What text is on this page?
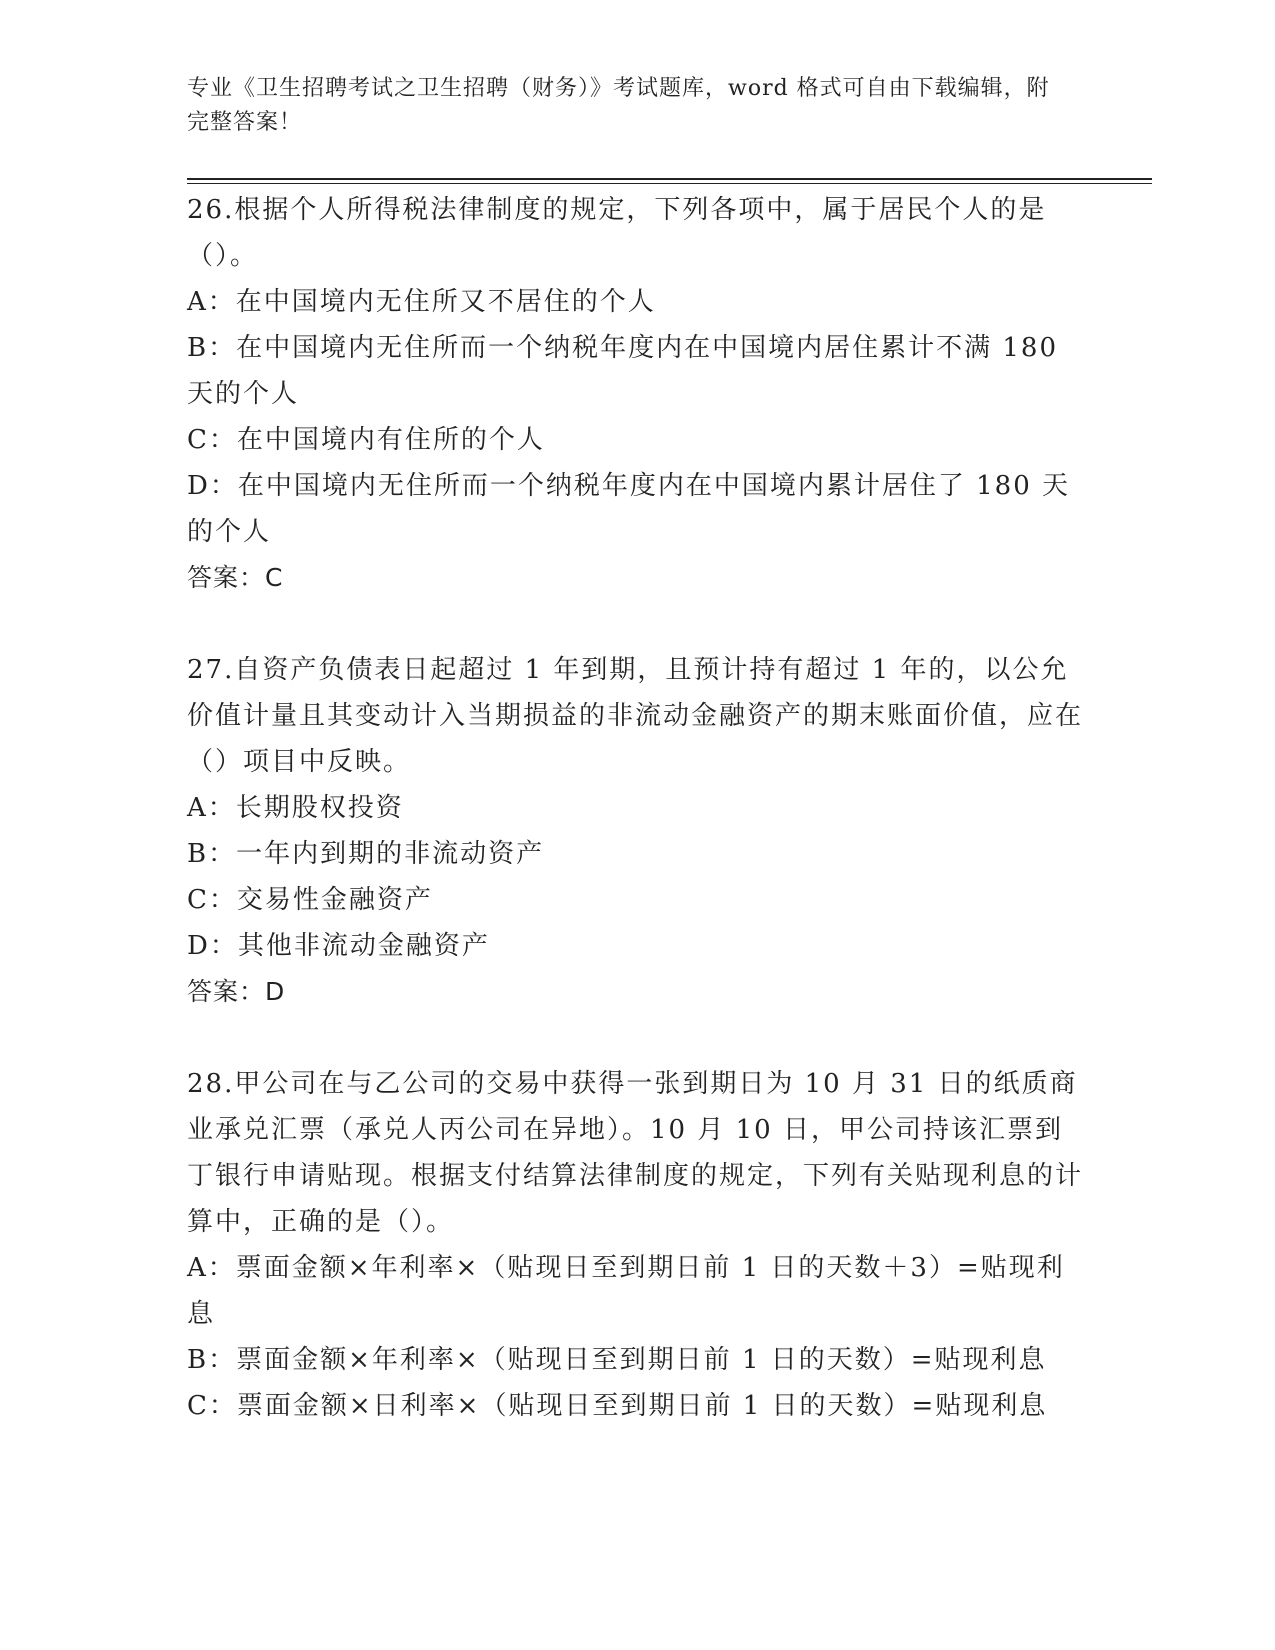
专业《卫生招聘考试之卫生招聘（财务）》考试题库，word 格式可自由下载编辑，附完整答案！

26.根据个人所得税法律制度的规定，下列各项中，属于居民个人的是（）。

A：在中国境内无住所又不居住的个人

B：在中国境内无住所而一个纳税年度内在中国境内居住累计不满 180 天的个人

C：在中国境内有住所的个人

D：在中国境内无住所而一个纳税年度内在中国境内累计居住了 180 天的个人

答案：C

27.自资产负债表日起超过 1 年到期，且预计持有超过 1 年的，以公允价值计量且其变动计入当期损益的非流动金融资产的期末账面价值，应在（）项目中反映。

A：长期股权投资

B：一年内到期的非流动资产

C：交易性金融资产

D：其他非流动金融资产

答案：D

28.甲公司在与乙公司的交易中获得一张到期日为 10 月 31 日的纸质商业承兑汇票（承兑人丙公司在异地）。10 月 10 日，甲公司持该汇票到丁银行申请贴现。根据支付结算法律制度的规定，下列有关贴现利息的计算中，正确的是（）。

A：票面金额×年利率×（贴现日至到期日前 1 日的天数＋3）=贴现利息

B：票面金额×年利率×（贴现日至到期日前 1 日的天数）=贴现利息

C：票面金额×日利率×（贴现日至到期日前 1 日的天数）=贴现利息
